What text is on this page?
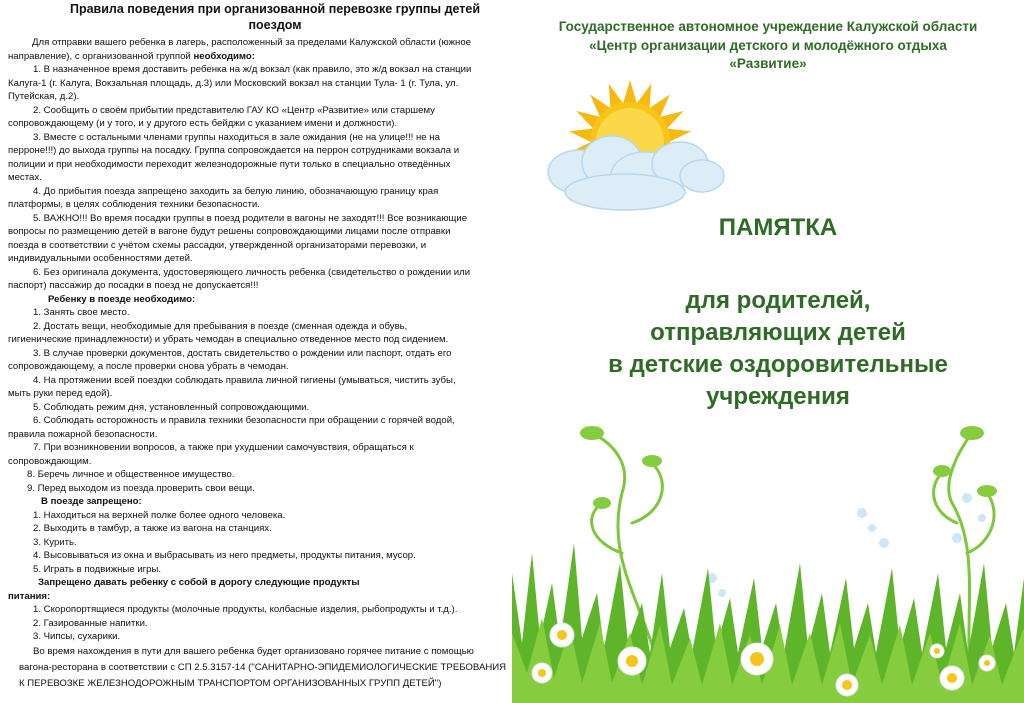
Правила поведения при организованной перевозке группы детей
поездом
Для отправки вашего ребенка в лагерь, расположенный за пределами Калужской области (южное
направление), с организованной группой необходимо:
1. В назначенное время доставить ребенка на ж/д вокзал (как правило, это ж/д вокзал на станции
Калуга-1 (г. Калуга, Вокзальная площадь, д.3) или Московский вокзал на станции Тула- 1 (г. Тула, ул.
Путейская, д.2).
2. Сообщить о своём прибытии представителю ГАУ КО «Центр «Развитие» или старшему
сопровождающему (и у того, и у другого есть бейджи с указанием имени и должности).
3. Вместе с остальными членами группы находиться в зале ожидания (не на улице!!! не на
перроне!!!) до выхода группы на посадку. Группа сопровождается на перрон сотрудниками вокзала и
полиции и при необходимости переходит железнодорожные пути только в специально отведённых
местах.
4. До прибытия поезда запрещено заходить за белую линию, обозначающую границу края
платформы, в целях соблюдения техники безопасности.
5. ВАЖНО!!! Во время посадки группы в поезд родители в вагоны не заходят!!! Все возникающие
вопросы по размещению детей в вагоне будут решены сопровождающими лицами после отправки
поезда в соответствии с учётом схемы рассадки, утвержденной организаторами перевозки, и
индивидуальными особенностями детей.
6. Без оригинала документа, удостоверяющего личность ребенка (свидетельство о рождении или
паспорт) пассажир до посадки в поезд не допускается!!!
Ребенку в поезде необходимо:
1. Занять свое место.
2. Достать вещи, необходимые для пребывания в поезде (сменная одежда и обувь,
гигиенические принадлежности) и убрать чемодан в специально отведенное место под сидением.
3. В случае проверки документов, достать свидетельство о рождении или паспорт, отдать его
сопровождающему, а после проверки снова убрать в чемодан.
4. На протяжении всей поездки соблюдать правила личной гигиены (умываться, чистить зубы,
мыть руки перед едой).
5. Соблюдать режим дня, установленный сопровождающими.
6. Соблюдать осторожность и правила техники безопасности при обращении с горячей водой,
правила пожарной безопасности.
7. При возникновении вопросов, а также при ухудшении самочувствия, обращаться к
сопровождающим.
8. Беречь личное и общественное имущество.
9. Перед выходом из поезда проверить свои вещи.
В поезде запрещено:
1. Находиться на верхней полке более одного человека.
2. Выходить в тамбур, а также из вагона на станциях.
3. Курить.
4. Высовываться из окна и выбрасывать из него предметы, продукты питания, мусор.
5. Играть в подвижные игры.
Запрещено давать ребенку с собой в дорогу следующие продукты
питания:
1. Скоропортящиеся продукты (молочные продукты, колбасные изделия, рыбопродукты и т.д.).
2. Газированные напитки.
3. Чипсы, сухарики.
Во время нахождения в пути для вашего ребенка будет организовано горячее питание с помощью
вагона-ресторана в соответствии с СП 2.5.3157-14 ("САНИТАРНО-ЭПИДЕМИОЛОГИЧЕСКИЕ ТРЕБОВАНИЯ
К ПЕРЕВОЗКЕ ЖЕЛЕЗНОДОРОЖНЫМ ТРАНСПОРТОМ ОРГАНИЗОВАННЫХ ГРУПП ДЕТЕЙ")
Государственное автономное учреждение Калужской области
«Центр организации детского и молодёжного отдыха
«Развитие»
ПАМЯТКА
для родителей,
отправляющих детей
в детские оздоровительные
учреждения
